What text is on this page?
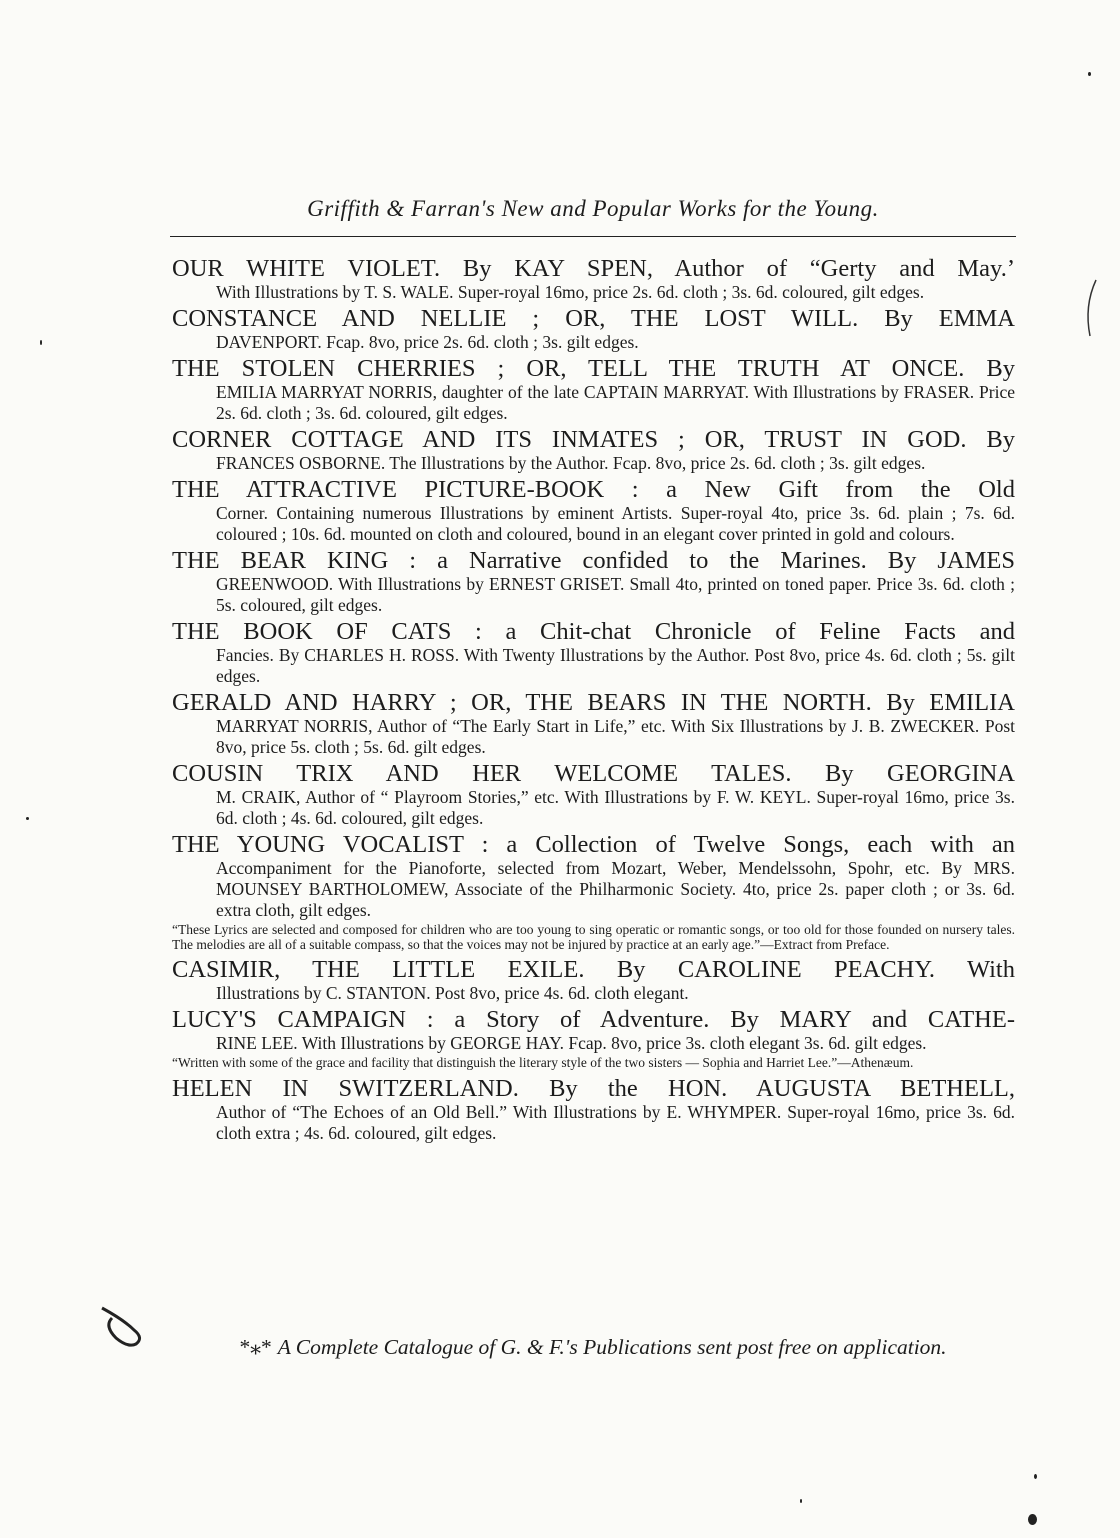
Griffith & Farran's New and Popular Works for the Young.
OUR WHITE VIOLET. By KAY SPEN, Author of “Gerty and May.’
With Illustrations by T. S. WALE. Super-royal 16mo, price 2s. 6d. cloth ; 3s. 6d. coloured, gilt edges.
CONSTANCE AND NELLIE ; OR, THE LOST WILL. By EMMA
DAVENPORT. Fcap. 8vo, price 2s. 6d. cloth ; 3s. gilt edges.
THE STOLEN CHERRIES ; OR, TELL THE TRUTH AT ONCE. By
EMILIA MARRYAT NORRIS, daughter of the late CAPTAIN MARRYAT. With Illustrations by FRASER. Price 2s. 6d. cloth ; 3s. 6d. coloured, gilt edges.
CORNER COTTAGE AND ITS INMATES ; OR, TRUST IN GOD. By
FRANCES OSBORNE. The Illustrations by the Author. Fcap. 8vo, price 2s. 6d. cloth ; 3s. gilt edges.
THE ATTRACTIVE PICTURE-BOOK : a New Gift from the Old
Corner. Containing numerous Illustrations by eminent Artists. Super-royal 4to, price 3s. 6d. plain ; 7s. 6d. coloured ; 10s. 6d. mounted on cloth and coloured, bound in an elegant cover printed in gold and colours.
THE BEAR KING : a Narrative confided to the Marines. By JAMES
GREENWOOD. With Illustrations by ERNEST GRISET. Small 4to, printed on toned paper. Price 3s. 6d. cloth ; 5s. coloured, gilt edges.
THE BOOK OF CATS : a Chit-chat Chronicle of Feline Facts and
Fancies. By CHARLES H. ROSS. With Twenty Illustrations by the Author. Post 8vo, price 4s. 6d. cloth ; 5s. gilt edges.
GERALD AND HARRY ; OR, THE BEARS IN THE NORTH. By EMILIA
MARRYAT NORRIS, Author of “The Early Start in Life,” etc. With Six Illustrations by J. B. ZWECKER. Post 8vo, price 5s. cloth ; 5s. 6d. gilt edges.
COUSIN TRIX AND HER WELCOME TALES. By GEORGINA
M. CRAIK, Author of “ Playroom Stories,” etc. With Illustrations by F. W. KEYL. Super-royal 16mo, price 3s. 6d. cloth ; 4s. 6d. coloured, gilt edges.
THE YOUNG VOCALIST : a Collection of Twelve Songs, each with an
Accompaniment for the Pianoforte, selected from Mozart, Weber, Mendelssohn, Spohr, etc. By MRS. MOUNSEY BARTHOLOMEW, Associate of the Philharmonic Society. 4to, price 2s. paper cloth ; or 3s. 6d. extra cloth, gilt edges.
“These Lyrics are selected and composed for children who are too young to sing operatic or romantic songs, or too old for those founded on nursery tales. The melodies are all of a suitable compass, so that the voices may not be injured by practice at an early age.”—Extract from Preface.
CASIMIR, THE LITTLE EXILE. By CAROLINE PEACHY. With
Illustrations by C. STANTON. Post 8vo, price 4s. 6d. cloth elegant.
LUCY'S CAMPAIGN : a Story of Adventure. By MARY and CATHE-
RINE LEE. With Illustrations by GEORGE HAY. Fcap. 8vo, price 3s. cloth elegant 3s. 6d. gilt edges.
“Written with some of the grace and facility that distinguish the literary style of the two sisters — Sophia and Harriet Lee.”—Athenæum.
HELEN IN SWITZERLAND. By the HON. AUGUSTA BETHELL,
Author of “The Echoes of an Old Bell.” With Illustrations by E. WHYMPER. Super-royal 16mo, price 3s. 6d. cloth extra ; 4s. 6d. coloured, gilt edges.
*⁎* A Complete Catalogue of G. & F.'s Publications sent post free on application.
